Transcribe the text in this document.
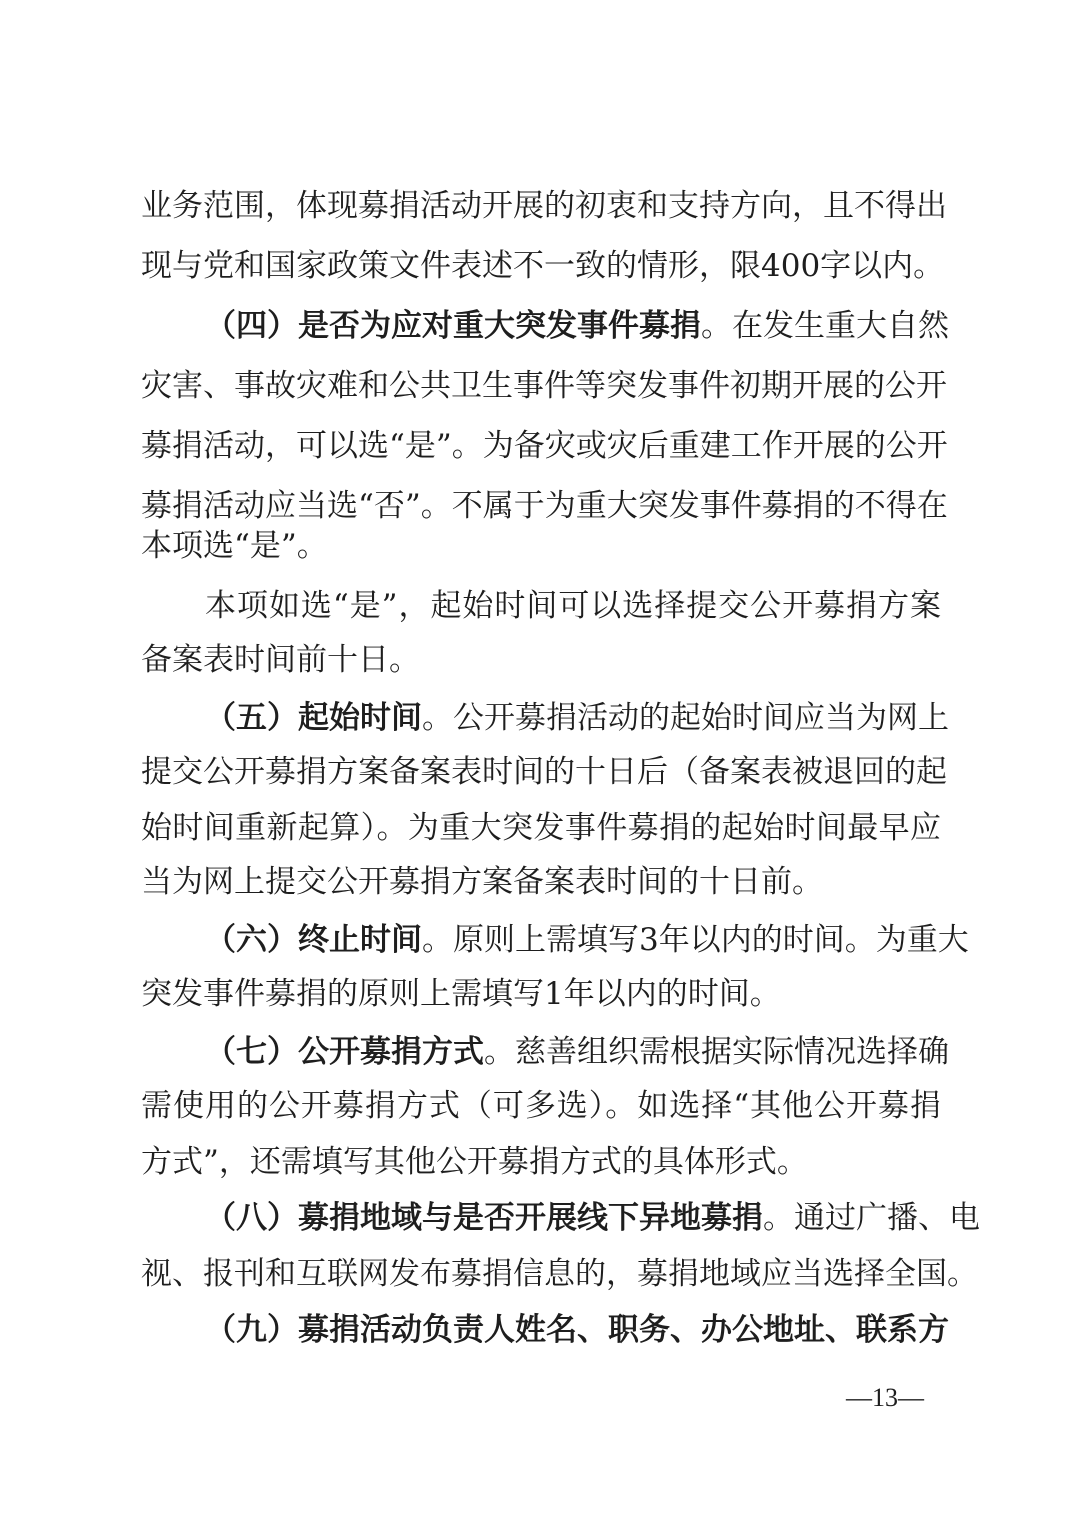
业务范围，体现募捐活动开展的初衷和支持方向，且不得出
现与党和国家政策文件表述不一致的情形，限400字以内。
（四）是否为应对重大突发事件募捐。在发生重大自然
灾害、事故灾难和公共卫生事件等突发事件初期开展的公开
募捐活动，可以选“是”。为备灾或灾后重建工作开展的公开
募捐活动应当选“否”。不属于为重大突发事件募捐的不得在
本项选“是”。
本项如选“是”，起始时间可以选择提交公开募捐方案
备案表时间前十日。
（五）起始时间。公开募捐活动的起始时间应当为网上
提交公开募捐方案备案表时间的十日后（备案表被退回的起
始时间重新起算）。为重大突发事件募捐的起始时间最早应
当为网上提交公开募捐方案备案表时间的十日前。
（六）终止时间。原则上需填写3年以内的时间。为重大
突发事件募捐的原则上需填写1年以内的时间。
（七）公开募捐方式。慈善组织需根据实际情况选择确
需使用的公开募捐方式（可多选）。如选择“其他公开募捐
方式”，还需填写其他公开募捐方式的具体形式。
（八）募捐地域与是否开展线下异地募捐。通过广播、电
视、报刊和互联网发布募捐信息的，募捐地域应当选择全国。
（九）募捐活动负责人姓名、职务、办公地址、联系方
—13—
